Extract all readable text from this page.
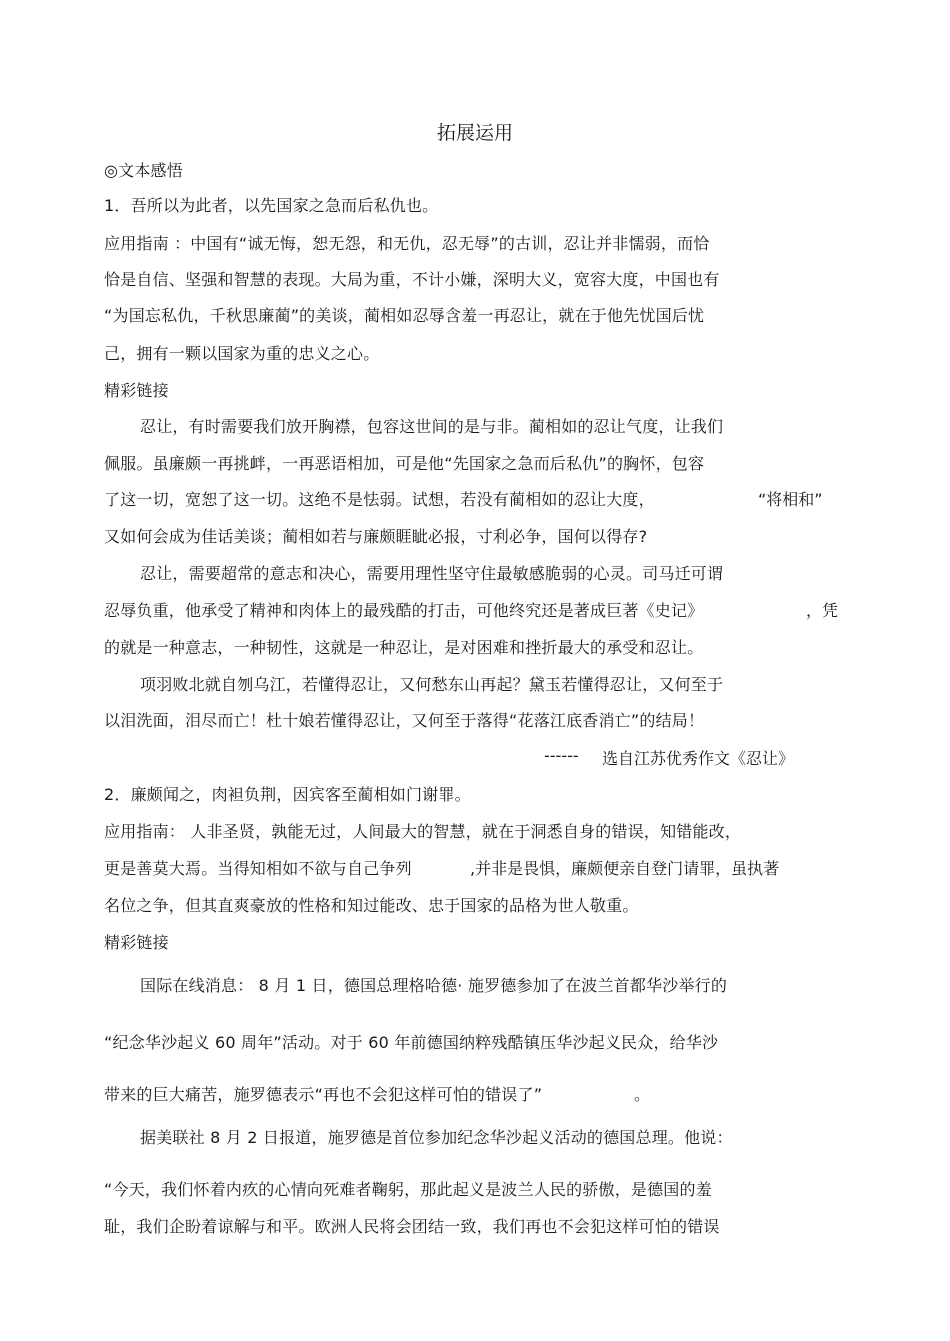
拓展运用
◎文本感悟
1．吾所以为此者，以先国家之急而后私仇也。
应用指南 ：中国有“诚无悔，恕无怨，和无仇，忍无辱”的古训，忍让并非懦弱，而恰
恰是自信、坚强和智慧的表现。大局为重，不计小嫌，深明大义，宽容大度，中国也有
“为国忘私仇，千秋思廉蔺”的美谈，蔺相如忍辱含羞一再忍让，就在于他先忧国后忧
己，拥有一颗以国家为重的忠义之心。
精彩链接
忍让，有时需要我们放开胸襟，包容这世间的是与非。蔺相如的忍让气度，让我们
佩服。虽廉颇一再挑衅，一再恶语相加，可是他“先国家之急而后私仇”的胸怀，包容
了这一切，宽恕了这一切。这绝不是怯弱。试想，若没有蔺相如的忍让大度，	“将相和”
又如何会成为佳话美谈；蔺相如若与廉颇睚眦必报，寸利必争，国何以得存?
忍让，需要超常的意志和决心，需要用理性坚守住最敏感脆弱的心灵。司马迁可谓
忍辱负重，他承受了精神和肉体上的最残酷的打击，可他终究还是著成巨著《史记》	，凭
的就是一种意志，一种韧性，这就是一种忍让，是对困难和挫折最大的承受和忍让。
项羽败北就自刎乌江，若懂得忍让，又何愁东山再起？黛玉若懂得忍让，又何至于
以泪洗面，泪尽而亡！杜十娘若懂得忍让，又何至于落得“花落江底香消亡”的结局！
------ 选自江苏优秀作文《忍让》
2．廉颇闻之，肉袒负荆，因宾客至蔺相如门谢罪。
应用指南： 人非圣贤，孰能无过，人间最大的智慧，就在于洞悉自身的错误，知错能改，
更是善莫大焉。当得知相如不欲与自己争列	,并非是畏惧，廉颇便亲自登门请罪，虽执著
名位之争，但其直爽豪放的性格和知过能改、忠于国家的品格为世人敬重。
精彩链接
国际在线消息： 8 月 1 日，德国总理格哈德· 施罗德参加了在波兰首都华沙举行的
“纪念华沙起义 60 周年”活动。对于 60 年前德国纳粹残酷镇压华沙起义民众，给华沙
带来的巨大痛苦，施罗德表示“再也不会犯这样可怕的错误了”	。
据美联社 8 月 2 日报道，施罗德是首位参加纪念华沙起义活动的德国总理。他说：
“今天，我们怀着内疚的心情向死难者鞠躬，那此起义是波兰人民的骄傲，是德国的羞
耻，我们企盼着谅解与和平。欧洲人民将会团结一致，我们再也不会犯这样可怕的错误
